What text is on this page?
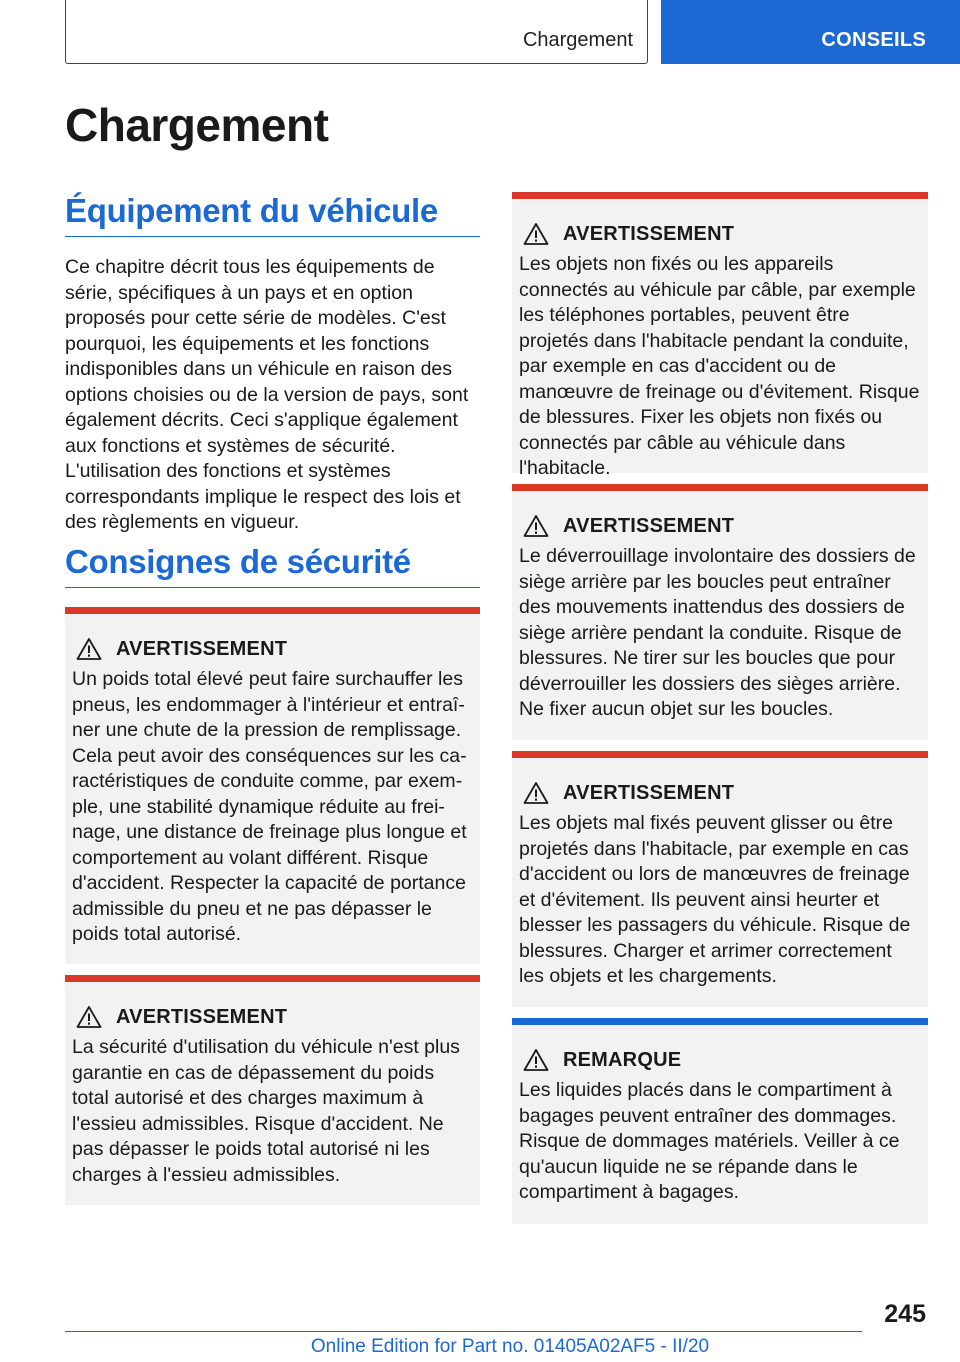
Chargement	CONSEILS
Chargement
Équipement du véhicule

Ce chapitre décrit tous les équipements de série, spécifiques à un pays et en option proposés pour cette série de modèles. C'est pourquoi, les équipements et les fonctions indisponibles dans un véhicule en raison des options choisies ou de la version de pays, sont également décrits. Ceci s'applique également aux fonctions et systèmes de sécurité. L'utilisation des fonctions et systèmes correspondants implique le respect des lois et des règlements en vigueur.

Consignes de sécurité
AVERTISSEMENT

Un poids total élevé peut faire surchauffer les pneus, les endommager à l'intérieur et entraîner une chute de la pression de remplissage. Cela peut avoir des conséquences sur les caractéristiques de conduite comme, par exemple, une stabilité dynamique réduite au freinage, une distance de freinage plus longue et comportement au volant différent. Risque d'accident. Respecter la capacité de portance admissible du pneu et ne pas dépasser le poids total autorisé.

AVERTISSEMENT

La sécurité d'utilisation du véhicule n'est plus garantie en cas de dépassement du poids total autorisé et des charges maximum à l'essieu admissibles. Risque d'accident. Ne pas dépasser le poids total autorisé ni les charges à l'essieu admissibles.

AVERTISSEMENT

Les objets non fixés ou les appareils connectés au véhicule par câble, par exemple les téléphones portables, peuvent être projetés dans l'habitacle pendant la conduite, par exemple en cas d'accident ou de manœuvre de freinage ou d'évitement. Risque de blessures. Fixer les objets non fixés ou connectés par câble au véhicule dans l'habitacle.

AVERTISSEMENT

Le déverrouillage involontaire des dossiers de siège arrière par les boucles peut entraîner des mouvements inattendus des dossiers de siège arrière pendant la conduite. Risque de blessures. Ne tirer sur les boucles que pour déverrouiller les dossiers des sièges arrière. Ne fixer aucun objet sur les boucles.

AVERTISSEMENT

Les objets mal fixés peuvent glisser ou être projetés dans l'habitacle, par exemple en cas d'accident ou lors de manœuvres de freinage et d'évitement. Ils peuvent ainsi heurter et blesser les passagers du véhicule. Risque de blessures. Charger et arrimer correctement les objets et les chargements.

REMARQUE

Les liquides placés dans le compartiment à bagages peuvent entraîner des dommages. Risque de dommages matériels. Veiller à ce qu'aucun liquide ne se répande dans le compartiment à bagages.

245
Online Edition for Part no. 01405A02AF5 - II/20
